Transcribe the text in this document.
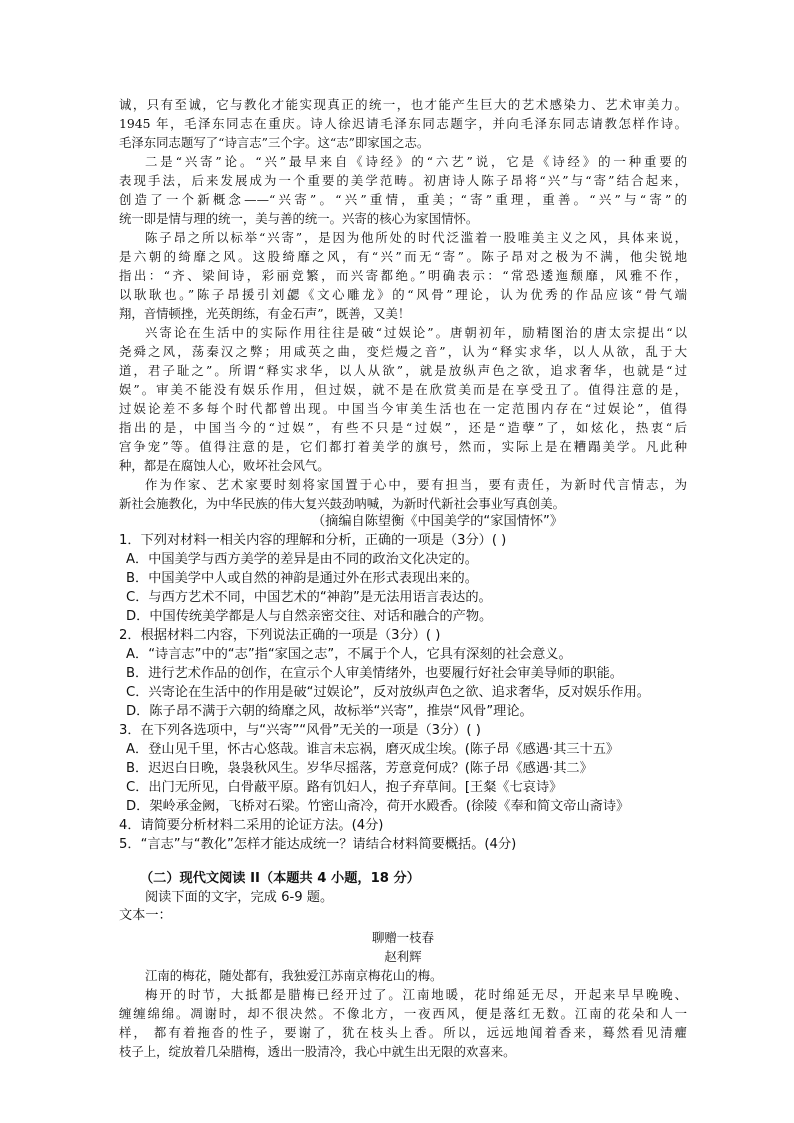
诚，只有至诚，它与教化才能实现真正的统一，也才能产生巨大的艺术感染力、艺术审美力。
1945 年，毛泽东同志在重庆。诗人徐迟请毛泽东同志题字，并向毛泽东同志请教怎样作诗。
毛泽东同志题写了“诗言志”三个字。这“志”即家国之志。
二是“兴寄”论。“兴”最早来自《诗经》的“六艺”说，它是《诗经》的一种重要的
表现手法，后来发展成为一个重要的美学范畴。初唐诗人陈子昂将“兴”与“寄”结合起来，
创造了一个新概念——“兴寄”。“兴”重情，重美；“寄”重理，重善。“兴”与“寄”的
统一即是情与理的统一，美与善的统一。兴寄的核心为家国情怀。
陈子昂之所以标举“兴寄”，是因为他所处的时代泛滥着一股唯美主义之风，具体来说，
是六朝的绮靡之风。这股绮靡之风，有“兴”而无“寄”。陈子昂对之极为不满，他尖锐地
指出：“齐、梁间诗，彩丽竞繁，而兴寄都绝。”明确表示：“常恐逶迤颓靡，风雅不作，
以耿耿也。”陈子昂援引刘勰《文心雕龙》的“风骨”理论，认为优秀的作品应该“骨气端
翔，音情顿挫，光英朗练，有金石声”，既善，又美！
兴寄论在生活中的实际作用往往是破“过娱论”。唐朝初年，励精图治的唐太宗提出“以
尧舜之风，荡秦汉之弊；用咸英之曲，变烂熳之音”，认为“释实求华，以人从欲，乱于大
道，君子耻之”。所谓“释实求华，以人从欲”，就是放纵声色之欲，追求奢华，也就是“过
娱”。审美不能没有娱乐作用，但过娱，就不是在欣赏美而是在享受丑了。值得注意的是，
过娱论差不多每个时代都曾出现。中国当今审美生活也在一定范围内存在“过娱论”，值得
指出的是，中国当今的“过娱”，有些不只是“过娱”，还是“造孽”了，如炫化，热衷“后
宫争宠”等。值得注意的是，它们都打着美学的旗号，然而，实际上是在糟蹋美学。凡此种
种，都是在腐蚀人心，败坏社会风气。
作为作家、艺术家要时刻将家国置于心中，要有担当，要有责任，为新时代言情志，为
新社会施教化，为中华民族的伟大复兴鼓劲呐喊，为新时代新社会事业写真创美。
（摘编自陈望衡《中国美学的“家国情怀”》
1．下列对材料一相关内容的理解和分析，正确的一项是（3分）( )
A．中国美学与西方美学的差异是由不同的政治文化决定的。
B．中国美学中人或自然的神韵是通过外在形式表现出来的。
C．与西方艺术不同，中国艺术的“神韵”是无法用语言表达的。
D．中国传统美学都是人与自然亲密交往、对话和融合的产物。
2．根据材料二内容，下列说法正确的一项是（3分）( )
A．“诗言志”中的“志”指“家国之志”，不属于个人，它具有深刻的社会意义。
B．进行艺术作品的创作，在宣示个人审美情绪外，也要履行好社会审美导师的职能。
C．兴寄论在生活中的作用是破“过娱论”，反对放纵声色之欲、追求奢华，反对娱乐作用。
D．陈子昂不满于六朝的绮靡之风，故标举“兴寄”，推崇“风骨”理论。
3．在下列各选项中，与“兴寄”“风骨”无关的一项是（3分）( )
A．登山见千里，怀古心悠哉。谁言未忘祸，磨灭成尘埃。(陈子昂《感遇·其三十五》
B．迟迟白日晚，袅袅秋风生。岁华尽摇落，芳意竟何成？(陈子昂《感遇·其二》
C．出门无所见，白骨蔽平原。路有饥妇人，抱子弃草间。[王粲《七哀诗》
D．架岭承金阙，飞桥对石梁。竹密山斋冷，荷开水殿香。(徐陵《奉和简文帝山斋诗》
4．请简要分析材料二采用的论证方法。(4分)
5．“言志”与“教化”怎样才能达成统一？请结合材料简要概括。(4分)
（二）现代文阅读 II（本题共 4 小题，18 分）
阅读下面的文字，完成 6-9 题。
文本一：
聊赠一枝春
赵利辉
江南的梅花，随处都有，我独爱江苏南京梅花山的梅。
梅开的时节，大抵都是腊梅已经开过了。江南地暖，花时绵延无尽，开起来早早晚晚、
缠缠绵绵。凋谢时，却不很决然。不像北方，一夜西风，便是落红无数。江南的花朵和人一
样， 都有着拖沓的性子，要谢了，犹在枝头上香。所以，远远地闻着香来，蓦然看见清癯
枝子上，绽放着几朵腊梅，透出一股清冷，我心中就生出无限的欢喜来。
